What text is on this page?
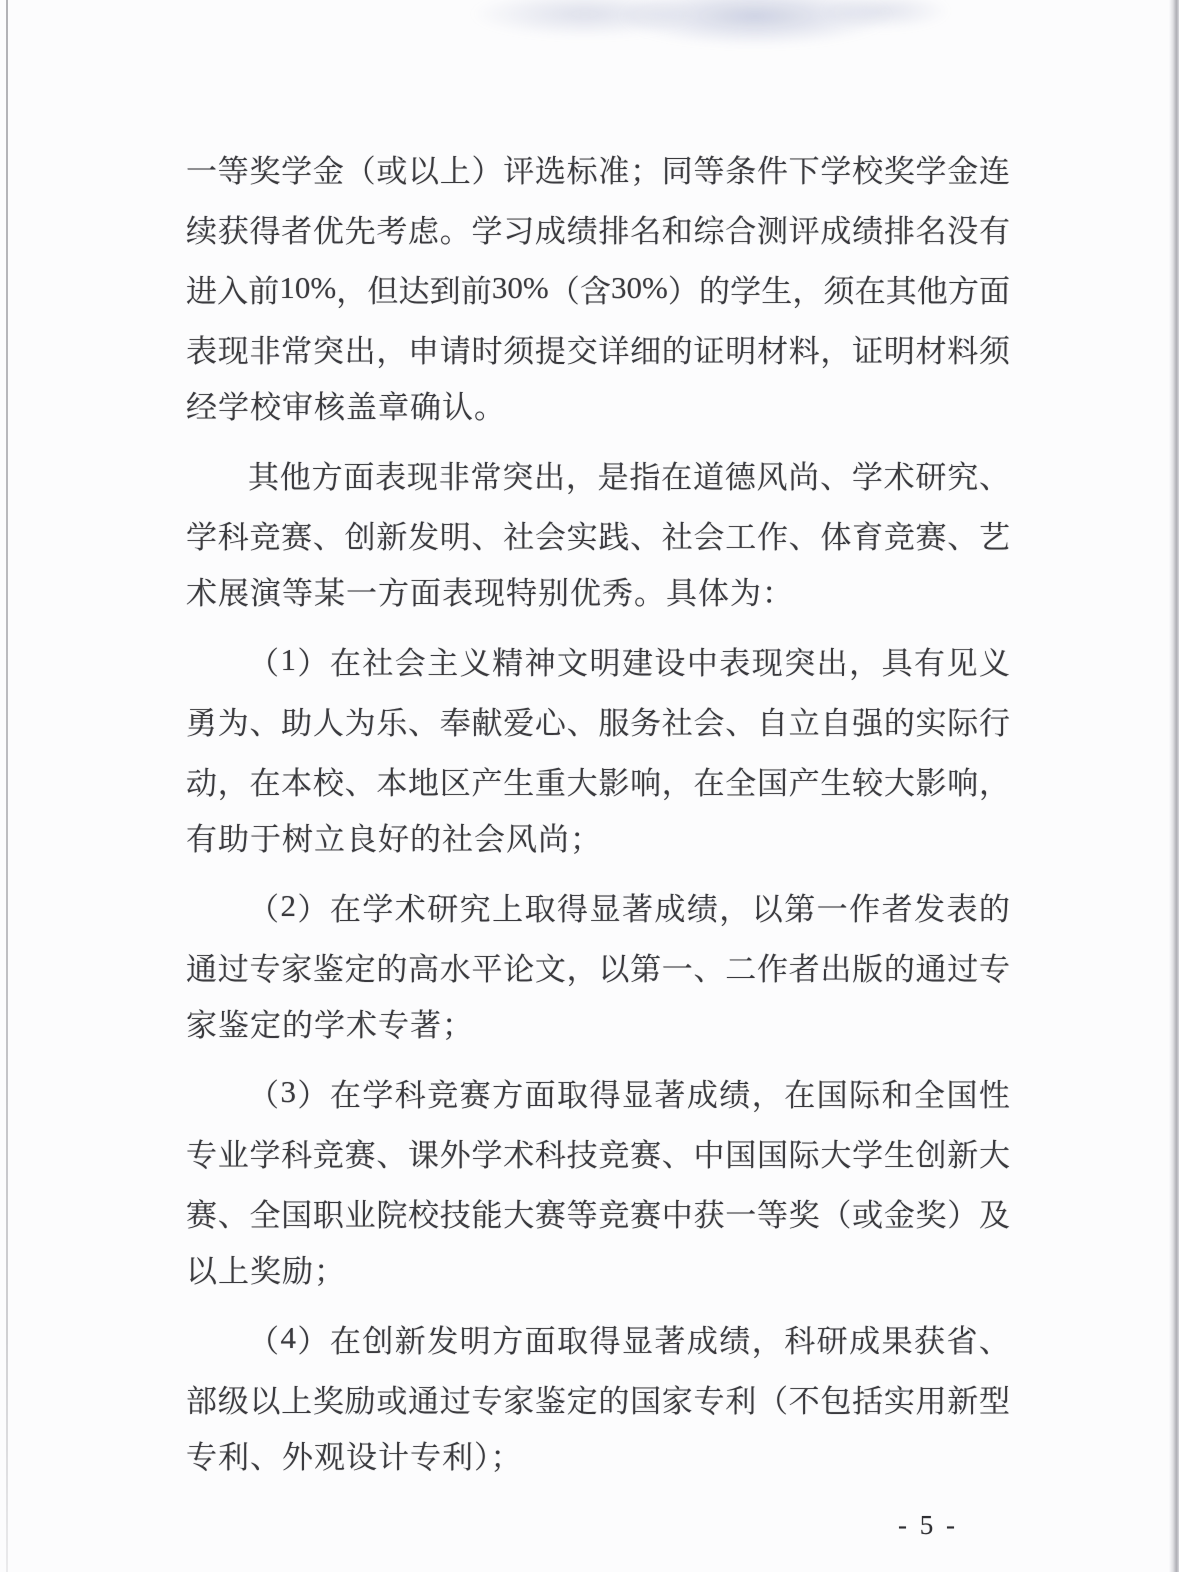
一 等 奖 学 金 （ 或 以 上 ） 评 选 标 准 ； 同 等 条 件 下 学 校 奖 学 金 连
续 获 得 者 优 先 考 虑 。 学 习 成 绩 排 名 和 综 合 测 评 成 绩 排 名 没 有
进 入 前 10% ， 但 达 到 前 30% （ 含 30% ） 的 学 生 ， 须 在 其 他 方 面
表 现 非 常 突 出 ， 申 请 时 须 提 交 详 细 的 证 明 材 料 ， 证 明 材 料 须
经学校审核盖章确认。
其 他 方 面 表 现 非 常 突 出 ， 是 指 在 道 德 风 尚 、 学 术 研 究 、
学 科 竞 赛 、 创 新 发 明 、 社 会 实 践 、 社 会 工 作 、 体 育 竞 赛 、 艺
术展演等某一方面表现特别优秀。具体为：
（ 1 ） 在 社 会 主 义 精 神 文 明 建 设 中 表 现 突 出 ， 具 有 见 义
勇 为 、 助 人 为 乐 、 奉 献 爱 心 、 服 务 社 会 、 自 立 自 强 的 实 际 行
动 ， 在 本 校 、 本 地 区 产 生 重 大 影 响 ， 在 全 国 产 生 较 大 影 响 ，
有助于树立良好的社会风尚；
（ 2 ） 在 学 术 研 究 上 取 得 显 著 成 绩 ， 以 第 一 作 者 发 表 的
通 过 专 家 鉴 定 的 高 水 平 论 文 ， 以 第 一 、 二 作 者 出 版 的 通 过 专
家鉴定的学术专著；
（ 3 ） 在 学 科 竞 赛 方 面 取 得 显 著 成 绩 ， 在 国 际 和 全 国 性
专 业 学 科 竞 赛 、 课 外 学 术 科 技 竞 赛 、 中 国 国 际 大 学 生 创 新 大
赛 、 全 国 职 业 院 校 技 能 大 赛 等 竞 赛 中 获 一 等 奖 （ 或 金 奖 ） 及
以上奖励；
（ 4 ） 在 创 新 发 明 方 面 取 得 显 著 成 绩 ， 科 研 成 果 获 省 、
部 级 以 上 奖 励 或 通 过 专 家 鉴 定 的 国 家 专 利 （ 不 包 括 实 用 新 型
专利、外观设计专利）；
- 5 -
